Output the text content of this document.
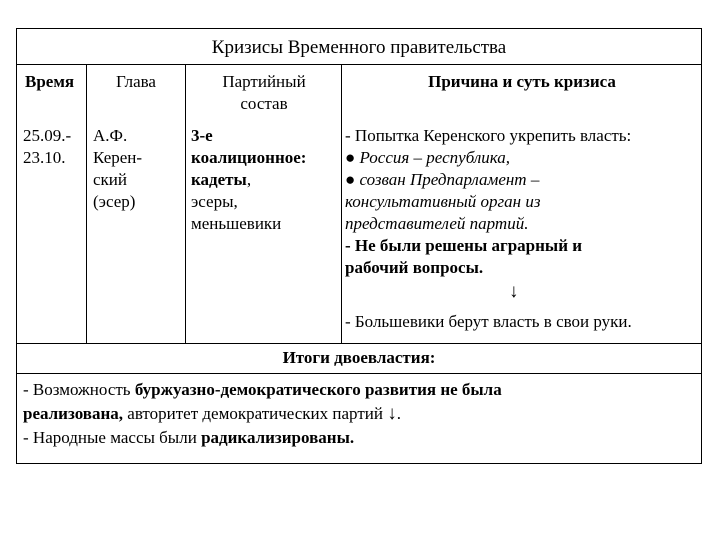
Кризисы Временного правительства
Время	Глава	Партийный
состав
Причина и суть кризиса
25.09.-
23.10.
А.Ф.
Керен-
ский
(эсер)
3-е
коалиционное:
кадеты,
эсеры,
меньшевики
- Попытка Керенского укрепить власть:
● Россия – республика,
● созван Предпарламент –
консультативный орган из
представителей партий.
- Не были решены аграрный и
рабочий вопросы.
↓
- Большевики берут власть в свои руки.
Итоги двоевластия:
- Возможность буржуазно-демократического развития не была
реализована, авторитет демократических партий ↓.
- Народные массы были радикализированы.
